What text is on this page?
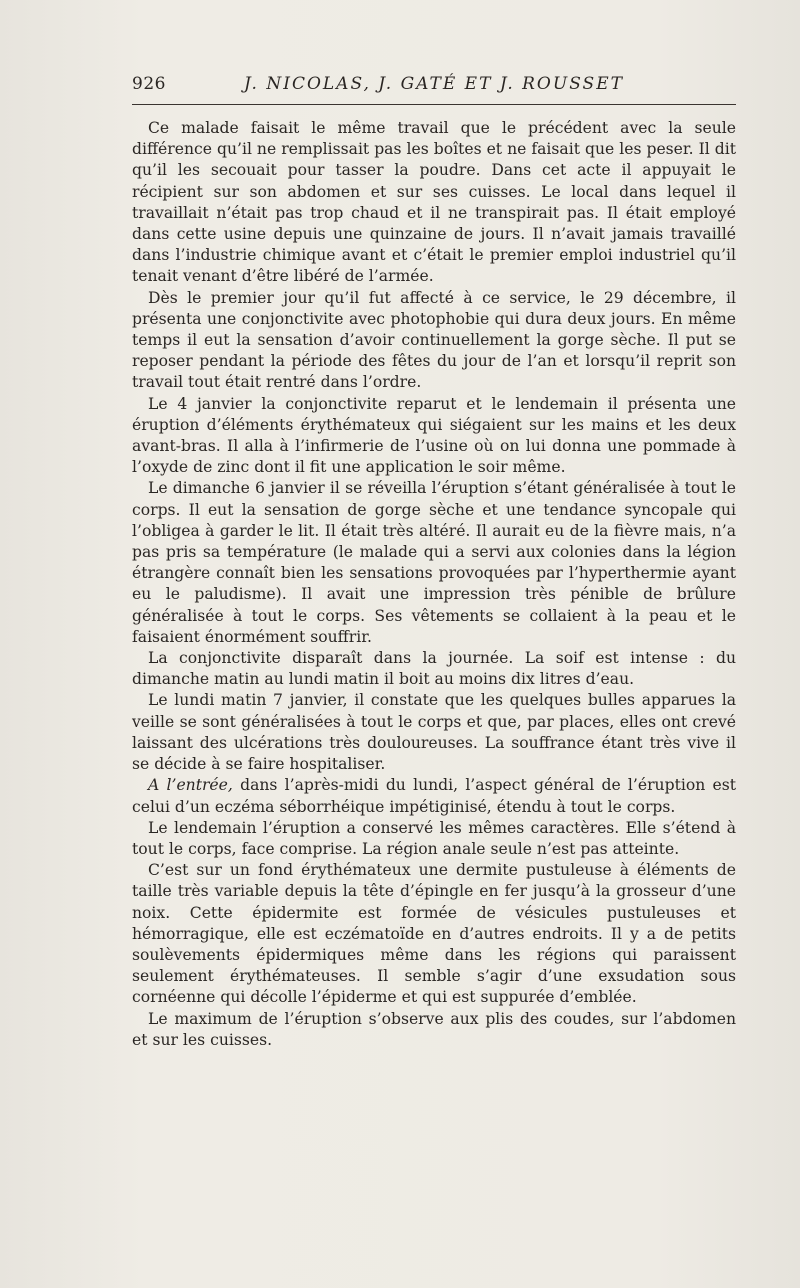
926	J. NICOLAS, J. GATÉ ET J. ROUSSET

Ce malade faisait le même travail que le précédent avec la seule différence qu’il ne remplissait pas les boîtes et ne faisait que les peser. Il dit qu’il les secouait pour tasser la poudre. Dans cet acte il appuyait le récipient sur son abdomen et sur ses cuisses. Le local dans lequel il travaillait n’était pas trop chaud et il ne transpirait pas. Il était employé dans cette usine depuis une quinzaine de jours. Il n’avait jamais travaillé dans l’industrie chimique avant et c’était le premier emploi industriel qu’il tenait venant d’être libéré de l’armée.

Dès le premier jour qu’il fut affecté à ce service, le 29 décembre, il présenta une conjonctivite avec photophobie qui dura deux jours. En même temps il eut la sensation d’avoir continuellement la gorge sèche. Il put se reposer pendant la période des fêtes du jour de l’an et lorsqu’il reprit son travail tout était rentré dans l’ordre.

Le 4 janvier la conjonctivite reparut et le lendemain il présenta une éruption d’éléments érythémateux qui siégaient sur les mains et les deux avant-bras. Il alla à l’infirmerie de l’usine où on lui donna une pommade à l’oxyde de zinc dont il fit une application le soir même.

Le dimanche 6 janvier il se réveilla l’éruption s’étant généralisée à tout le corps. Il eut la sensation de gorge sèche et une tendance syncopale qui l’obligea à garder le lit. Il était très altéré. Il aurait eu de la fièvre mais, n’a pas pris sa température (le malade qui a servi aux colonies dans la légion étrangère connaît bien les sensations provoquées par l’hyperthermie ayant eu le paludisme). Il avait une impression très pénible de brûlure généralisée à tout le corps. Ses vêtements se collaient à la peau et le faisaient énormément souffrir.

La conjonctivite disparaît dans la journée. La soif est intense : du dimanche matin au lundi matin il boit au moins dix litres d’eau.

Le lundi matin 7 janvier, il constate que les quelques bulles apparues la veille se sont généralisées à tout le corps et que, par places, elles ont crevé laissant des ulcérations très douloureuses. La souffrance étant très vive il se décide à se faire hospitaliser.

A l’entrée, dans l’après-midi du lundi, l’aspect général de l’éruption est celui d’un eczéma séborrhéique impétiginisé, étendu à tout le corps.

Le lendemain l’éruption a conservé les mêmes caractères. Elle s’étend à tout le corps, face comprise. La région anale seule n’est pas atteinte.

C’est sur un fond érythémateux une dermite pustuleuse à éléments de taille très variable depuis la tête d’épingle en fer jusqu’à la grosseur d’une noix. Cette épidermite est formée de vésicules pustuleuses et hémorragique, elle est eczématoïde en d’autres endroits. Il y a de petits soulèvements épidermiques même dans les régions qui paraissent seulement érythémateuses. Il semble s’agir d’une exsudation sous cornéenne qui décolle l’épiderme et qui est suppurée d’emblée.

Le maximum de l’éruption s’observe aux plis des coudes, sur l’abdomen et sur les cuisses.
